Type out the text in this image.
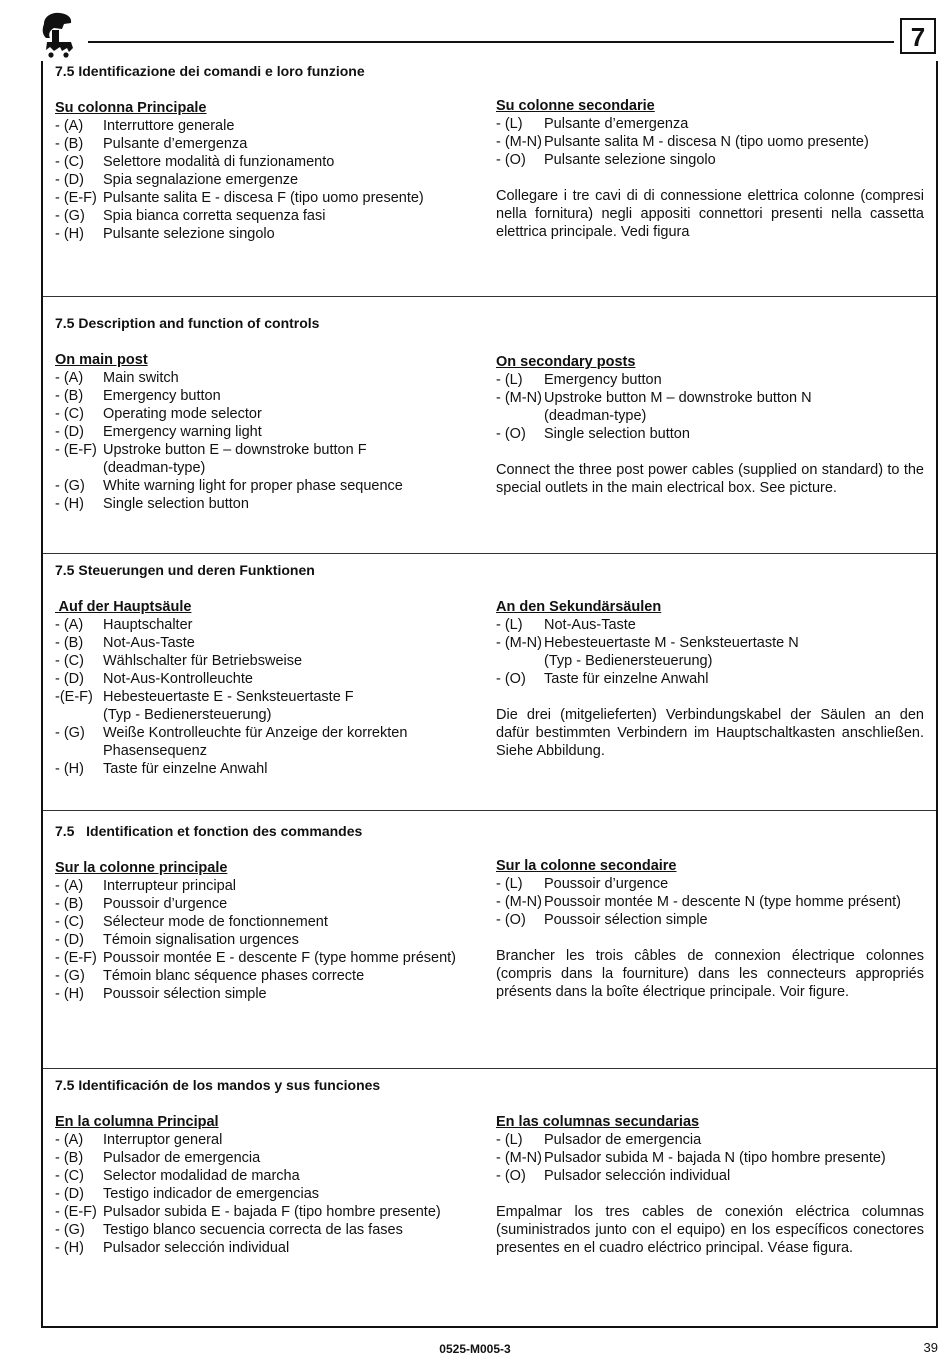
7
7.5 Identificazione dei comandi e loro funzione
Su colonna Principale
- (A)	Interruttore generale
- (B)	Pulsante d’emergenza
- (C)	Selettore modalità di funzionamento
- (D)	Spia segnalazione emergenze
- (E-F) Pulsante salita E - discesa F (tipo uomo presente)
- (G)	Spia bianca corretta sequenza fasi
- (H)	Pulsante selezione singolo
Su colonne secondarie
- (L)	Pulsante d’emergenza
- (M-N) Pulsante salita M - discesa N (tipo uomo presente)
- (O)	Pulsante selezione singolo
Collegare i tre cavi di di connessione elettrica colonne (compresi nella fornitura) negli appositi connettori presenti nella cassetta elettrica principale. Vedi figura
7.5 Description and function of controls
On main post
- (A)	Main switch
- (B)	Emergency button
- (C)	Operating mode selector
- (D)	Emergency warning light
- (E-F) Upstroke button E – downstroke button F
(deadman-type)
- (G)	White warning light for proper phase sequence
- (H)	Single selection button
On secondary posts
- (L)	Emergency button
- (M-N) Upstroke button M – downstroke button N
(deadman-type)
- (O)	Single selection button
Connect the three post power cables (supplied on standard) to the special outlets in the main electrical box. See picture.
7.5 Steuerungen und deren Funktionen
Auf der Hauptsäule
- (A)	Hauptschalter
- (B)	Not-Aus-Taste
- (C)	Wählschalter für Betriebsweise
- (D)	Not-Aus-Kontrolleuchte
-(E-F) Hebesteuertaste E - Senksteuertaste F
(Typ - Bedienersteuerung)
- (G)	Weiße Kontrolleuchte für Anzeige der korrekten
Phasensequenz
- (H)	Taste für einzelne Anwahl
An den Sekundärsäulen
- (L)	Not-Aus-Taste
- (M-N) Hebesteuertaste M - Senksteuertaste N
(Typ - Bedienersteuerung)
- (O)	Taste für einzelne Anwahl
Die drei (mitgelieferten) Verbindungskabel der Säulen an den dafür bestimmten Verbindern im Hauptschaltkasten anschließen. Siehe Abbildung.
7.5   Identification et fonction des commandes
Sur la colonne principale
- (A)	Interrupteur principal
- (B)	Poussoir d’urgence
- (C)	Sélecteur mode de fonctionnement
- (D)	Témoin signalisation urgences
- (E-F) Poussoir montée E - descente F (type homme présent)
- (G)	Témoin blanc séquence phases correcte
- (H)	Poussoir sélection simple
Sur la colonne secondaire
- (L)	Poussoir d’urgence
- (M-N) Poussoir montée M - descente N (type homme présent)
- (O)	Poussoir sélection simple
Brancher les trois câbles de connexion électrique colonnes (compris dans la fourniture) dans les connecteurs appropriés présents dans la boîte électrique principale. Voir figure.
7.5 Identificación de los mandos y sus funciones
En la columna Principal
- (A)	Interruptor general
- (B)	Pulsador de emergencia
- (C)	Selector modalidad de marcha
- (D)	Testigo indicador de emergencias
- (E-F) Pulsador subida E - bajada F (tipo hombre presente)
- (G)	Testigo blanco secuencia correcta de las fases
- (H)	Pulsador selección individual
En las columnas secundarias
- (L)	Pulsador de emergencia
- (M-N) Pulsador subida M - bajada N (tipo hombre presente)
- (O)	Pulsador selección individual
Empalmar los tres cables de conexión eléctrica columnas (suministrados junto con el equipo) en los específicos conectores presentes en el cuadro eléctrico principal. Véase figura.
0525-M005-3	39
